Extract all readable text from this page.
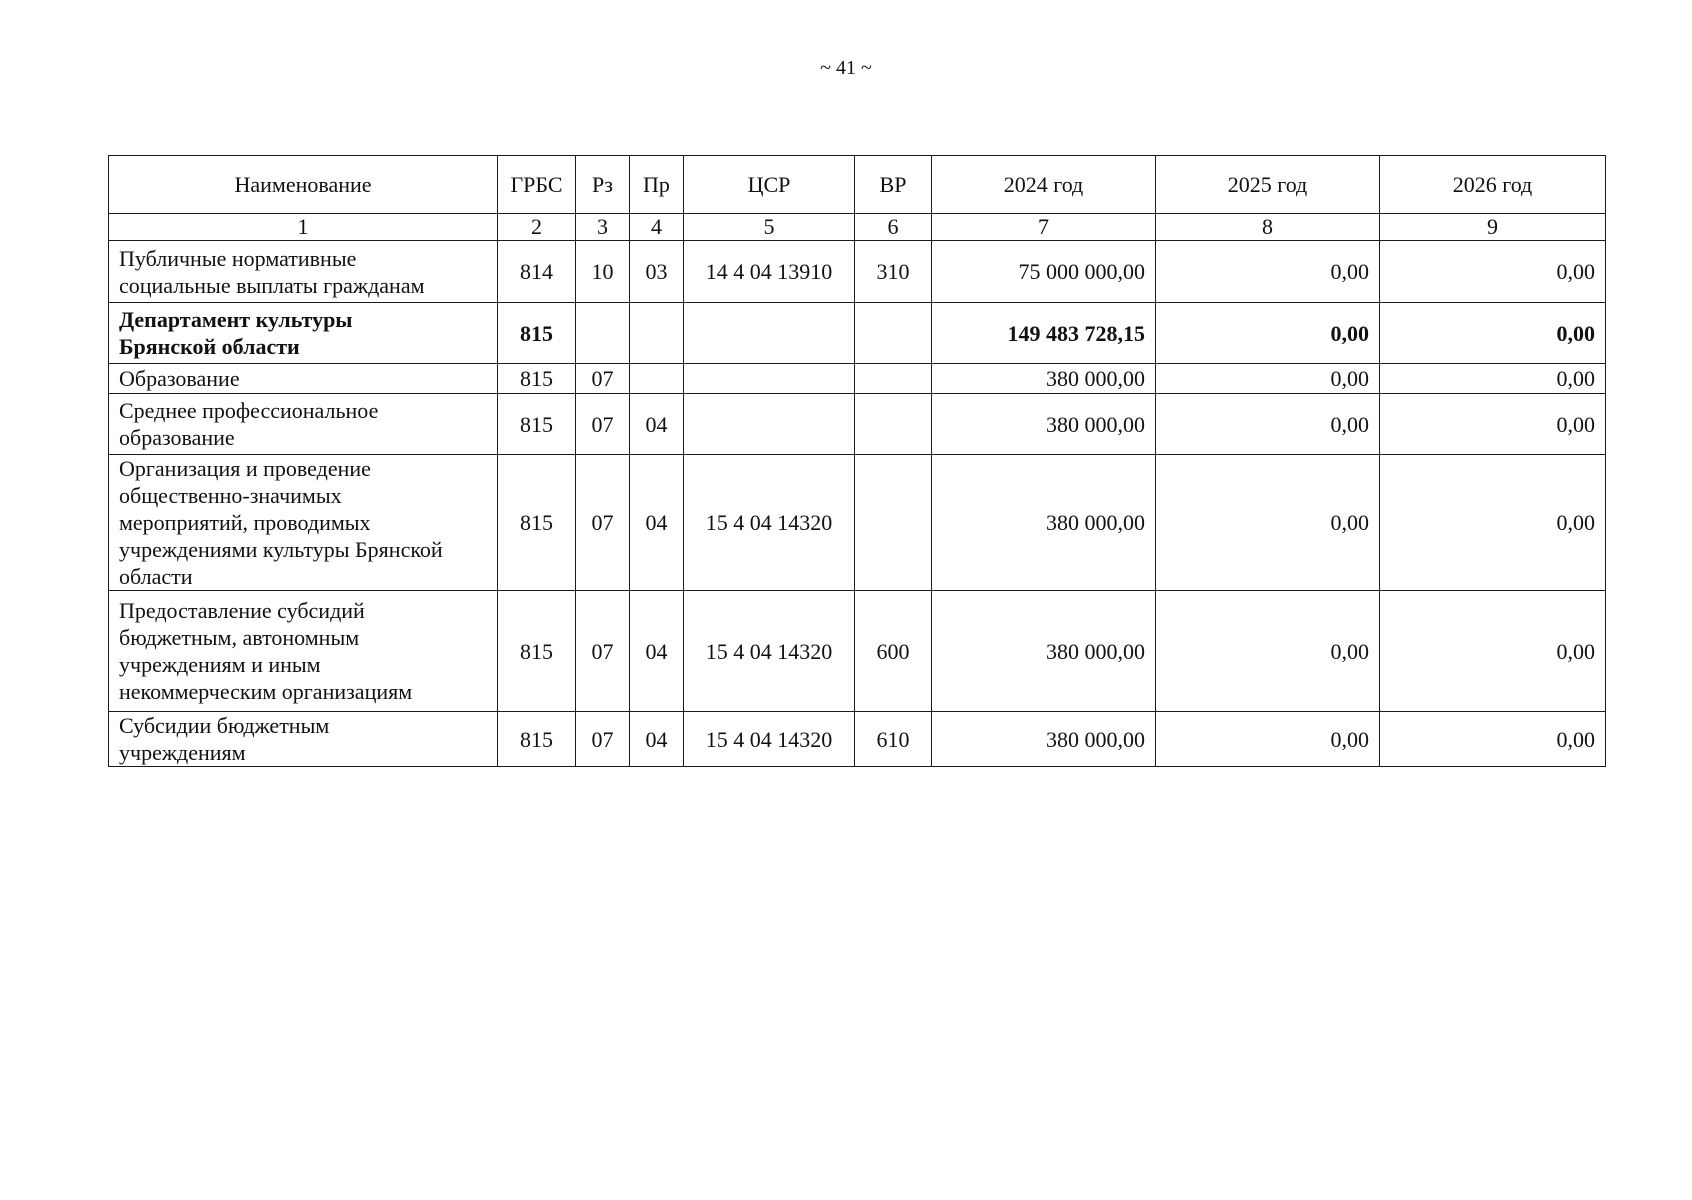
~ 41 ~
Наименование	ГРБС	Рз	Пр	ЦСР	ВР	2024 год	2025 год	2026 год
1	2	3	4	5	6	7	8	9

Публичные нормативные
социальные выплаты гражданам	814	10	03	14 4 04 13910	310	75 000 000,00	0,00	0,00

Департамент культуры
Брянской области	815					149 483 728,15	0,00	0,00

Образование	815	07				380 000,00	0,00	0,00

Среднее профессиональное
образование	815	07	04			380 000,00	0,00	0,00

Организация и проведение
общественно-значимых
мероприятий, проводимых
учреждениями культуры Брянской
области	815	07	04	15 4 04 14320		380 000,00	0,00	0,00

Предоставление субсидий
бюджетным, автономным
учреждениям и иным
некоммерческим организациям	815	07	04	15 4 04 14320	600	380 000,00	0,00	0,00

Субсидии бюджетным
учреждениям	815	07	04	15 4 04 14320	610	380 000,00	0,00	0,00
